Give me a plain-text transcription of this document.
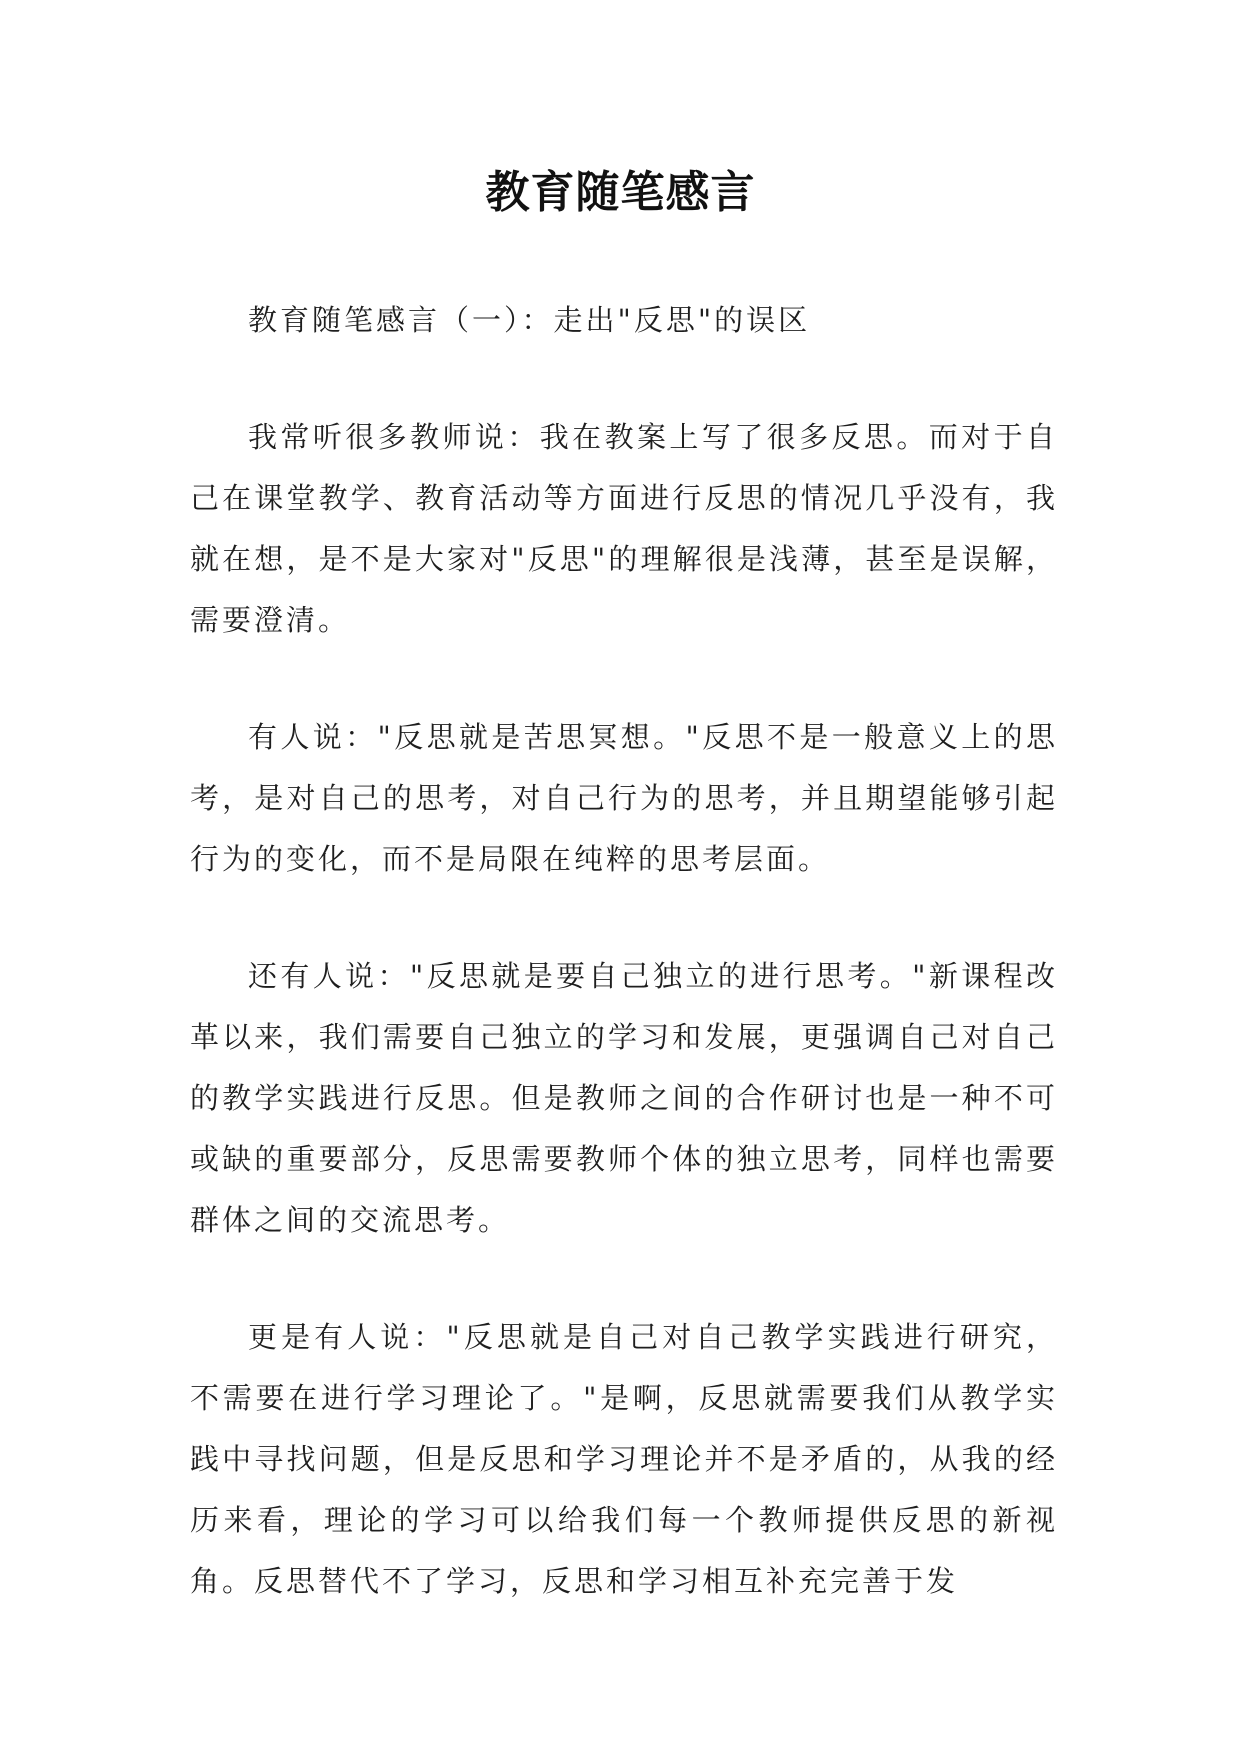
教育随笔感言

教育随笔感言（一）：走出"反思"的误区

我常听很多教师说：我在教案上写了很多反思。而对于自己在课堂教学、教育活动等方面进行反思的情况几乎没有，我就在想，是不是大家对"反思"的理解很是浅薄，甚至是误解，需要澄清。

有人说："反思就是苦思冥想。"反思不是一般意义上的思考，是对自己的思考，对自己行为的思考，并且期望能够引起行为的变化，而不是局限在纯粹的思考层面。

还有人说："反思就是要自己独立的进行思考。"新课程改革以来，我们需要自己独立的学习和发展，更强调自己对自己的教学实践进行反思。但是教师之间的合作研讨也是一种不可或缺的重要部分，反思需要教师个体的独立思考，同样也需要群体之间的交流思考。

更是有人说："反思就是自己对自己教学实践进行研究，不需要在进行学习理论了。"是啊，反思就需要我们从教学实践中寻找问题，但是反思和学习理论并不是矛盾的，从我的经历来看，理论的学习可以给我们每一个教师提供反思的新视角。反思替代不了学习，反思和学习相互补充完善于发
